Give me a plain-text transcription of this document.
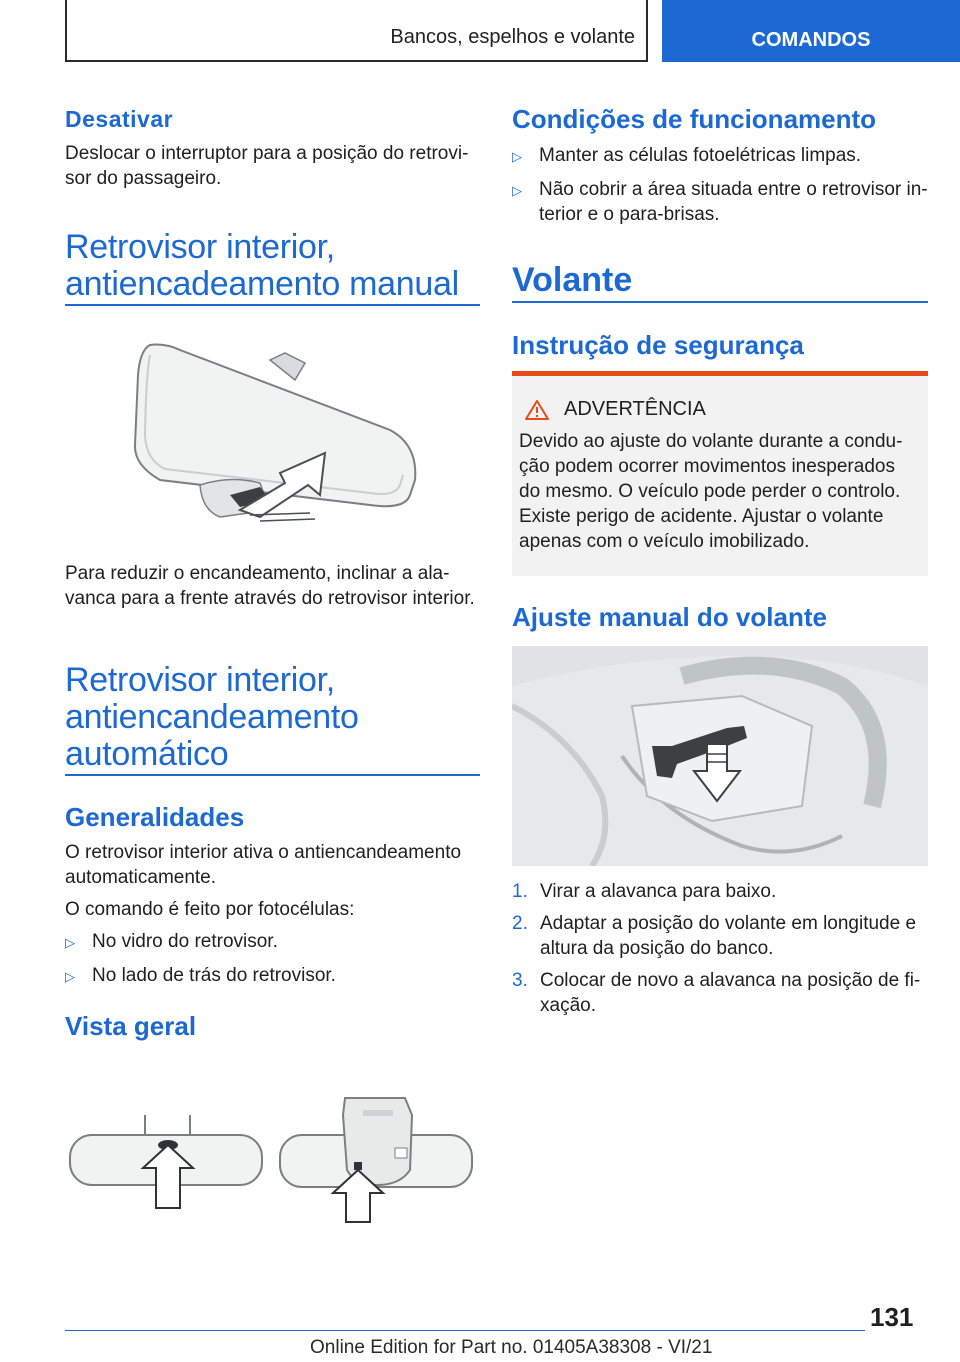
Bancos, espelhos e volante	COMANDOS
Desativar
Deslocar o interruptor para a posição do retrovi‐
sor do passageiro.
Retrovisor interior,
antiencadeamento manual
Para reduzir o encandeamento, inclinar a ala‐
vanca para a frente através do retrovisor interior.
Retrovisor interior,
antiencandeamento
automático
Generalidades
O retrovisor interior ativa o antiencandeamento
automaticamente.
O comando é feito por fotocélulas:
▷ No vidro do retrovisor.
▷ No lado de trás do retrovisor.
Vista geral
Condições de funcionamento
▷ Manter as células fotoelétricas limpas.
▷ Não cobrir a área situada entre o retrovisor in‐
terior e o para-brisas.
Volante
Instrução de segurança
ADVERTÊNCIA
Devido ao ajuste do volante durante a condu‐
ção podem ocorrer movimentos inesperados
do mesmo. O veículo pode perder o controlo.
Existe perigo de acidente. Ajustar o volante
apenas com o veículo imobilizado.
Ajuste manual do volante
1. Virar a alavanca para baixo.
2. Adaptar a posição do volante em longitude e
altura da posição do banco.
3. Colocar de novo a alavanca na posição de fi‐
xação.
131
Online Edition for Part no. 01405A38308 - VI/21
